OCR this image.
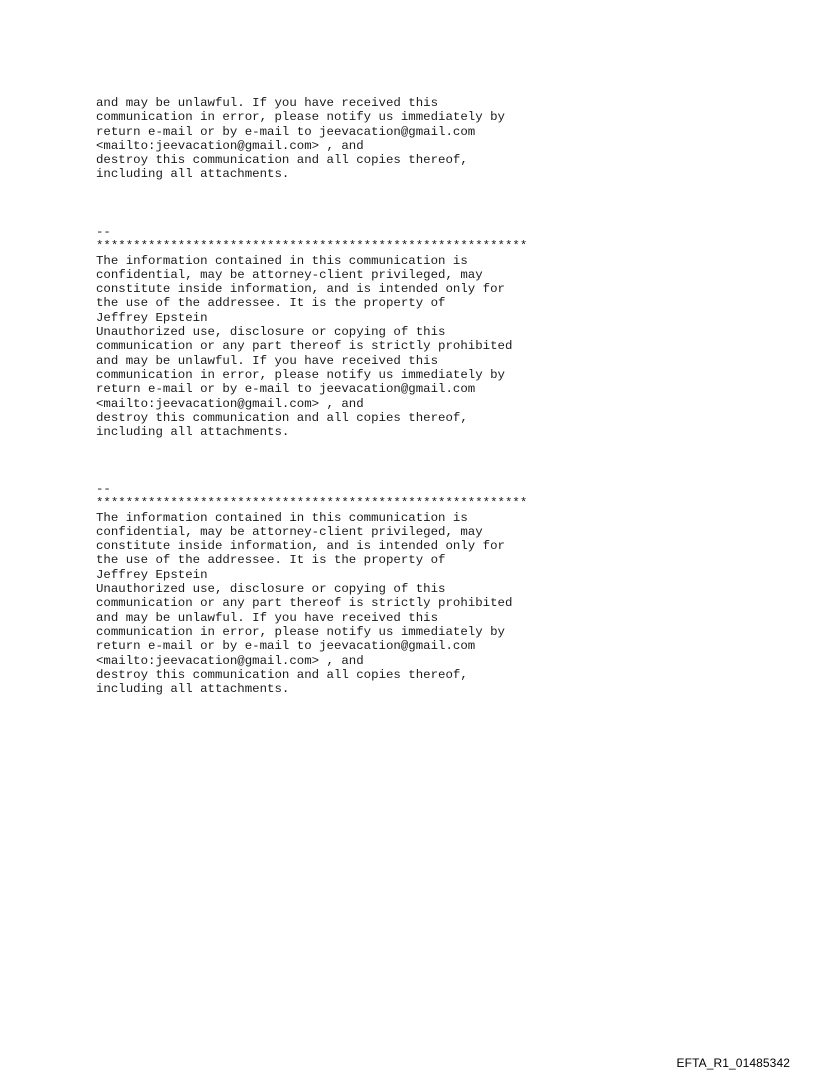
and may be unlawful. If you have received this
communication in error, please notify us immediately by
return e-mail or by e-mail to jeevacation@gmail.com
<mailto:jeevacation@gmail.com> , and
destroy this communication and all copies thereof,
including all attachments.
--
**********************************************************
The information contained in this communication is
confidential, may be attorney-client privileged, may
constitute inside information, and is intended only for
the use of the addressee. It is the property of
Jeffrey Epstein
Unauthorized use, disclosure or copying of this
communication or any part thereof is strictly prohibited
and may be unlawful. If you have received this
communication in error, please notify us immediately by
return e-mail or by e-mail to jeevacation@gmail.com
<mailto:jeevacation@gmail.com> , and
destroy this communication and all copies thereof,
including all attachments.
--
**********************************************************
The information contained in this communication is
confidential, may be attorney-client privileged, may
constitute inside information, and is intended only for
the use of the addressee. It is the property of
Jeffrey Epstein
Unauthorized use, disclosure or copying of this
communication or any part thereof is strictly prohibited
and may be unlawful. If you have received this
communication in error, please notify us immediately by
return e-mail or by e-mail to jeevacation@gmail.com
<mailto:jeevacation@gmail.com> , and
destroy this communication and all copies thereof,
including all attachments.
EFTA_R1_01485342
